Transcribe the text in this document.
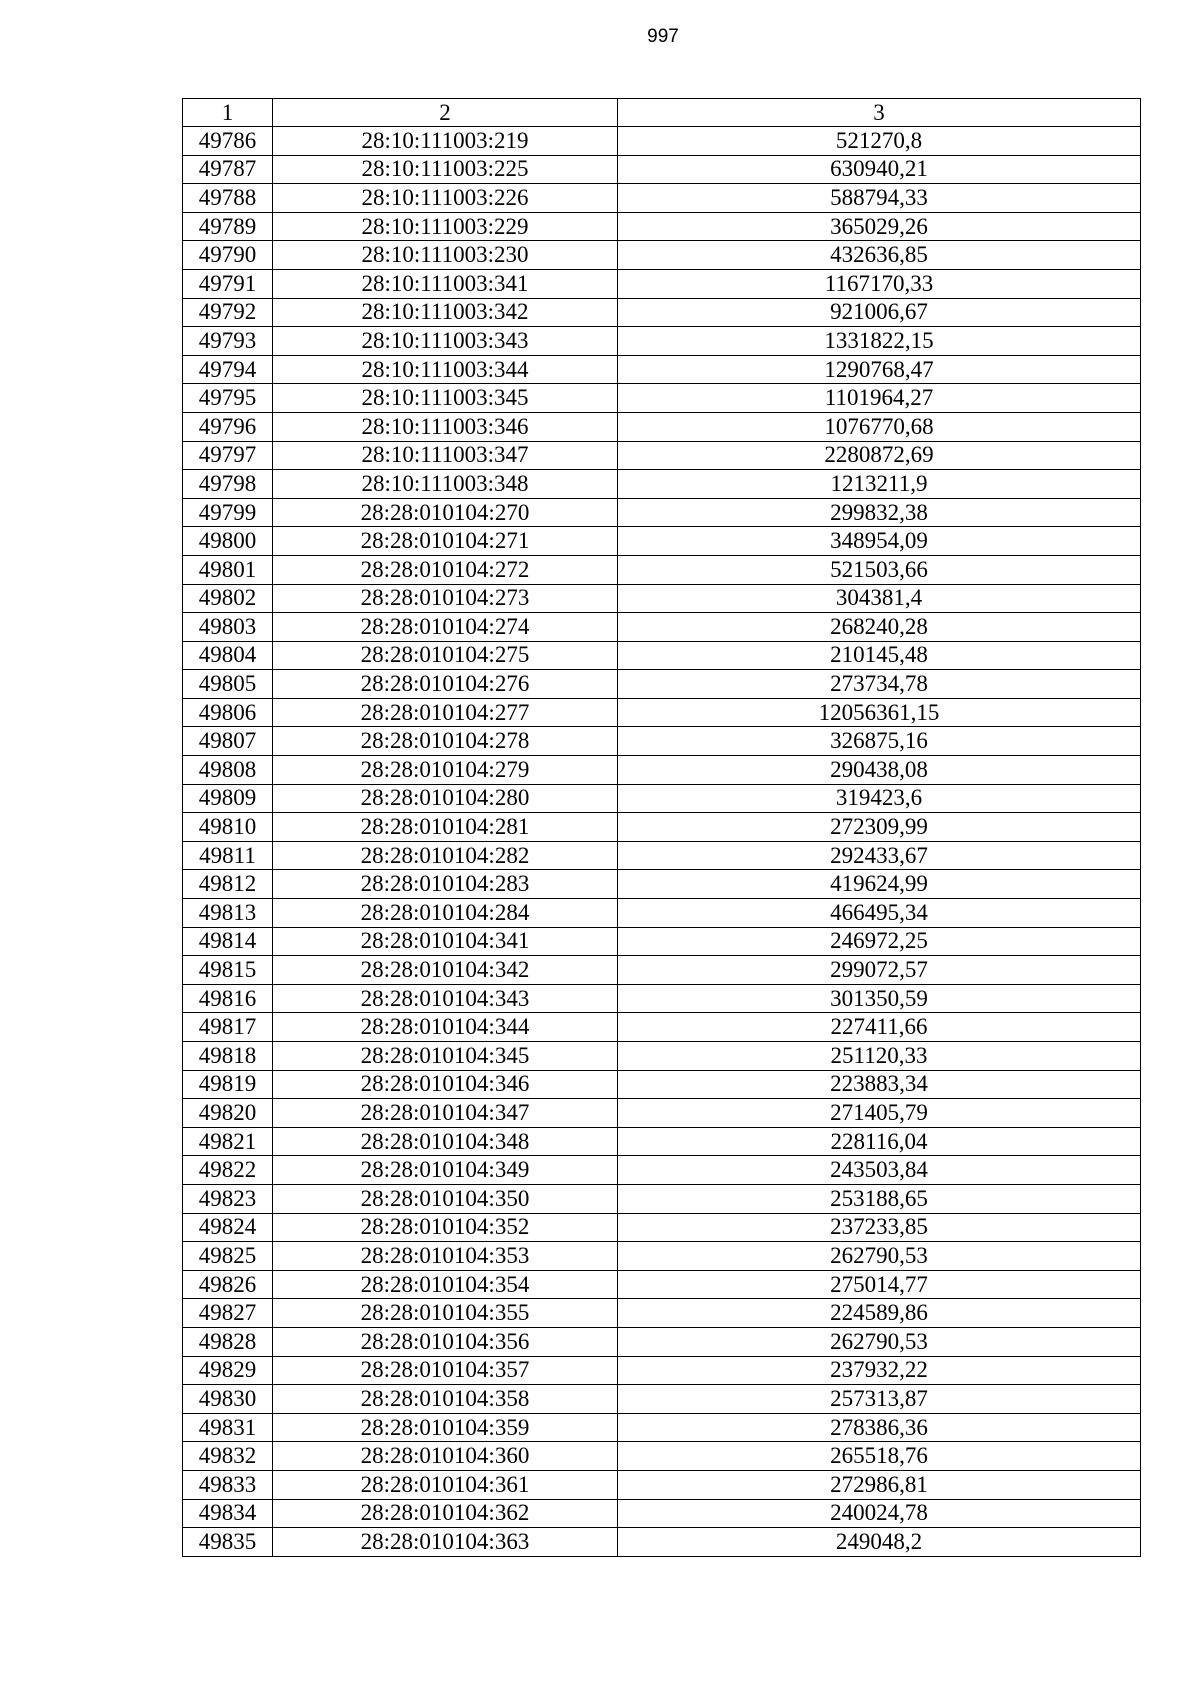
997
1	2	3
49786	28:10:111003:219	521270,8
49787	28:10:111003:225	630940,21
49788	28:10:111003:226	588794,33
49789	28:10:111003:229	365029,26
49790	28:10:111003:230	432636,85
49791	28:10:111003:341	1167170,33
49792	28:10:111003:342	921006,67
49793	28:10:111003:343	1331822,15
49794	28:10:111003:344	1290768,47
49795	28:10:111003:345	1101964,27
49796	28:10:111003:346	1076770,68
49797	28:10:111003:347	2280872,69
49798	28:10:111003:348	1213211,9
49799	28:28:010104:270	299832,38
49800	28:28:010104:271	348954,09
49801	28:28:010104:272	521503,66
49802	28:28:010104:273	304381,4
49803	28:28:010104:274	268240,28
49804	28:28:010104:275	210145,48
49805	28:28:010104:276	273734,78
49806	28:28:010104:277	12056361,15
49807	28:28:010104:278	326875,16
49808	28:28:010104:279	290438,08
49809	28:28:010104:280	319423,6
49810	28:28:010104:281	272309,99
49811	28:28:010104:282	292433,67
49812	28:28:010104:283	419624,99
49813	28:28:010104:284	466495,34
49814	28:28:010104:341	246972,25
49815	28:28:010104:342	299072,57
49816	28:28:010104:343	301350,59
49817	28:28:010104:344	227411,66
49818	28:28:010104:345	251120,33
49819	28:28:010104:346	223883,34
49820	28:28:010104:347	271405,79
49821	28:28:010104:348	228116,04
49822	28:28:010104:349	243503,84
49823	28:28:010104:350	253188,65
49824	28:28:010104:352	237233,85
49825	28:28:010104:353	262790,53
49826	28:28:010104:354	275014,77
49827	28:28:010104:355	224589,86
49828	28:28:010104:356	262790,53
49829	28:28:010104:357	237932,22
49830	28:28:010104:358	257313,87
49831	28:28:010104:359	278386,36
49832	28:28:010104:360	265518,76
49833	28:28:010104:361	272986,81
49834	28:28:010104:362	240024,78
49835	28:28:010104:363	249048,2
